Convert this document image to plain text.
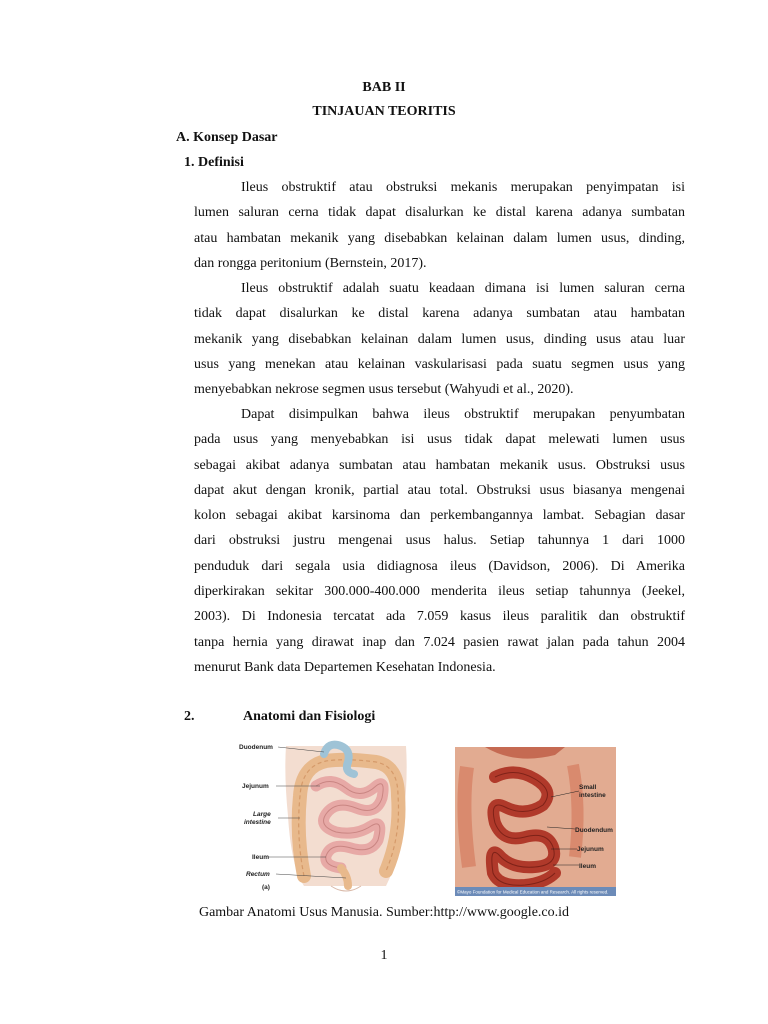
BAB II
TINJAUAN TEORITIS
A. Konsep Dasar
1. Definisi
Ileus obstruktif atau obstruksi mekanis merupakan penyimpatan isi
lumen saluran cerna tidak dapat disalurkan ke distal karena adanya sumbatan
atau hambatan mekanik yang disebabkan kelainan dalam lumen usus, dinding,
dan rongga peritonium (Bernstein, 2017).
Ileus obstruktif adalah suatu keadaan dimana isi lumen saluran cerna
tidak dapat disalurkan ke distal karena adanya sumbatan atau hambatan
mekanik yang disebabkan kelainan dalam lumen usus, dinding usus atau luar
usus yang menekan atau kelainan vaskularisasi pada suatu segmen usus yang
menyebabkan nekrose segmen usus tersebut (Wahyudi et al., 2020).
Dapat disimpulkan bahwa ileus obstruktif merupakan penyumbatan
pada usus yang menyebabkan isi usus tidak dapat melewati lumen usus
sebagai akibat adanya sumbatan atau hambatan mekanik usus. Obstruksi usus
dapat akut dengan kronik, partial atau total. Obstruksi usus biasanya mengenai
kolon sebagai akibat karsinoma dan perkembangannya lambat. Sebagian dasar
dari obstruksi justru mengenai usus halus. Setiap tahunnya 1 dari 1000
penduduk dari segala usia didiagnosa ileus (Davidson, 2006). Di Amerika
diperkirakan sekitar 300.000-400.000 menderita ileus setiap tahunnya (Jeekel,
2003). Di Indonesia tercatat ada 7.059 kasus ileus paralitik dan obstruktif
tanpa hernia yang dirawat inap dan 7.024 pasien rawat jalan pada tahun 2004
menurut Bank data Departemen Kesehatan Indonesia.
2.	Anatomi dan Fisiologi
Duodenum
Jejunum
Large
intestine
Ileum
Rectum
(a)
Small
intestine
Duodendum
Jejunum
Ileum
©Mayo Foundation for Medical Education and Research. All rights reserved.
Gambar Anatomi Usus Manusia. Sumber:http://www.google.co.id
1
